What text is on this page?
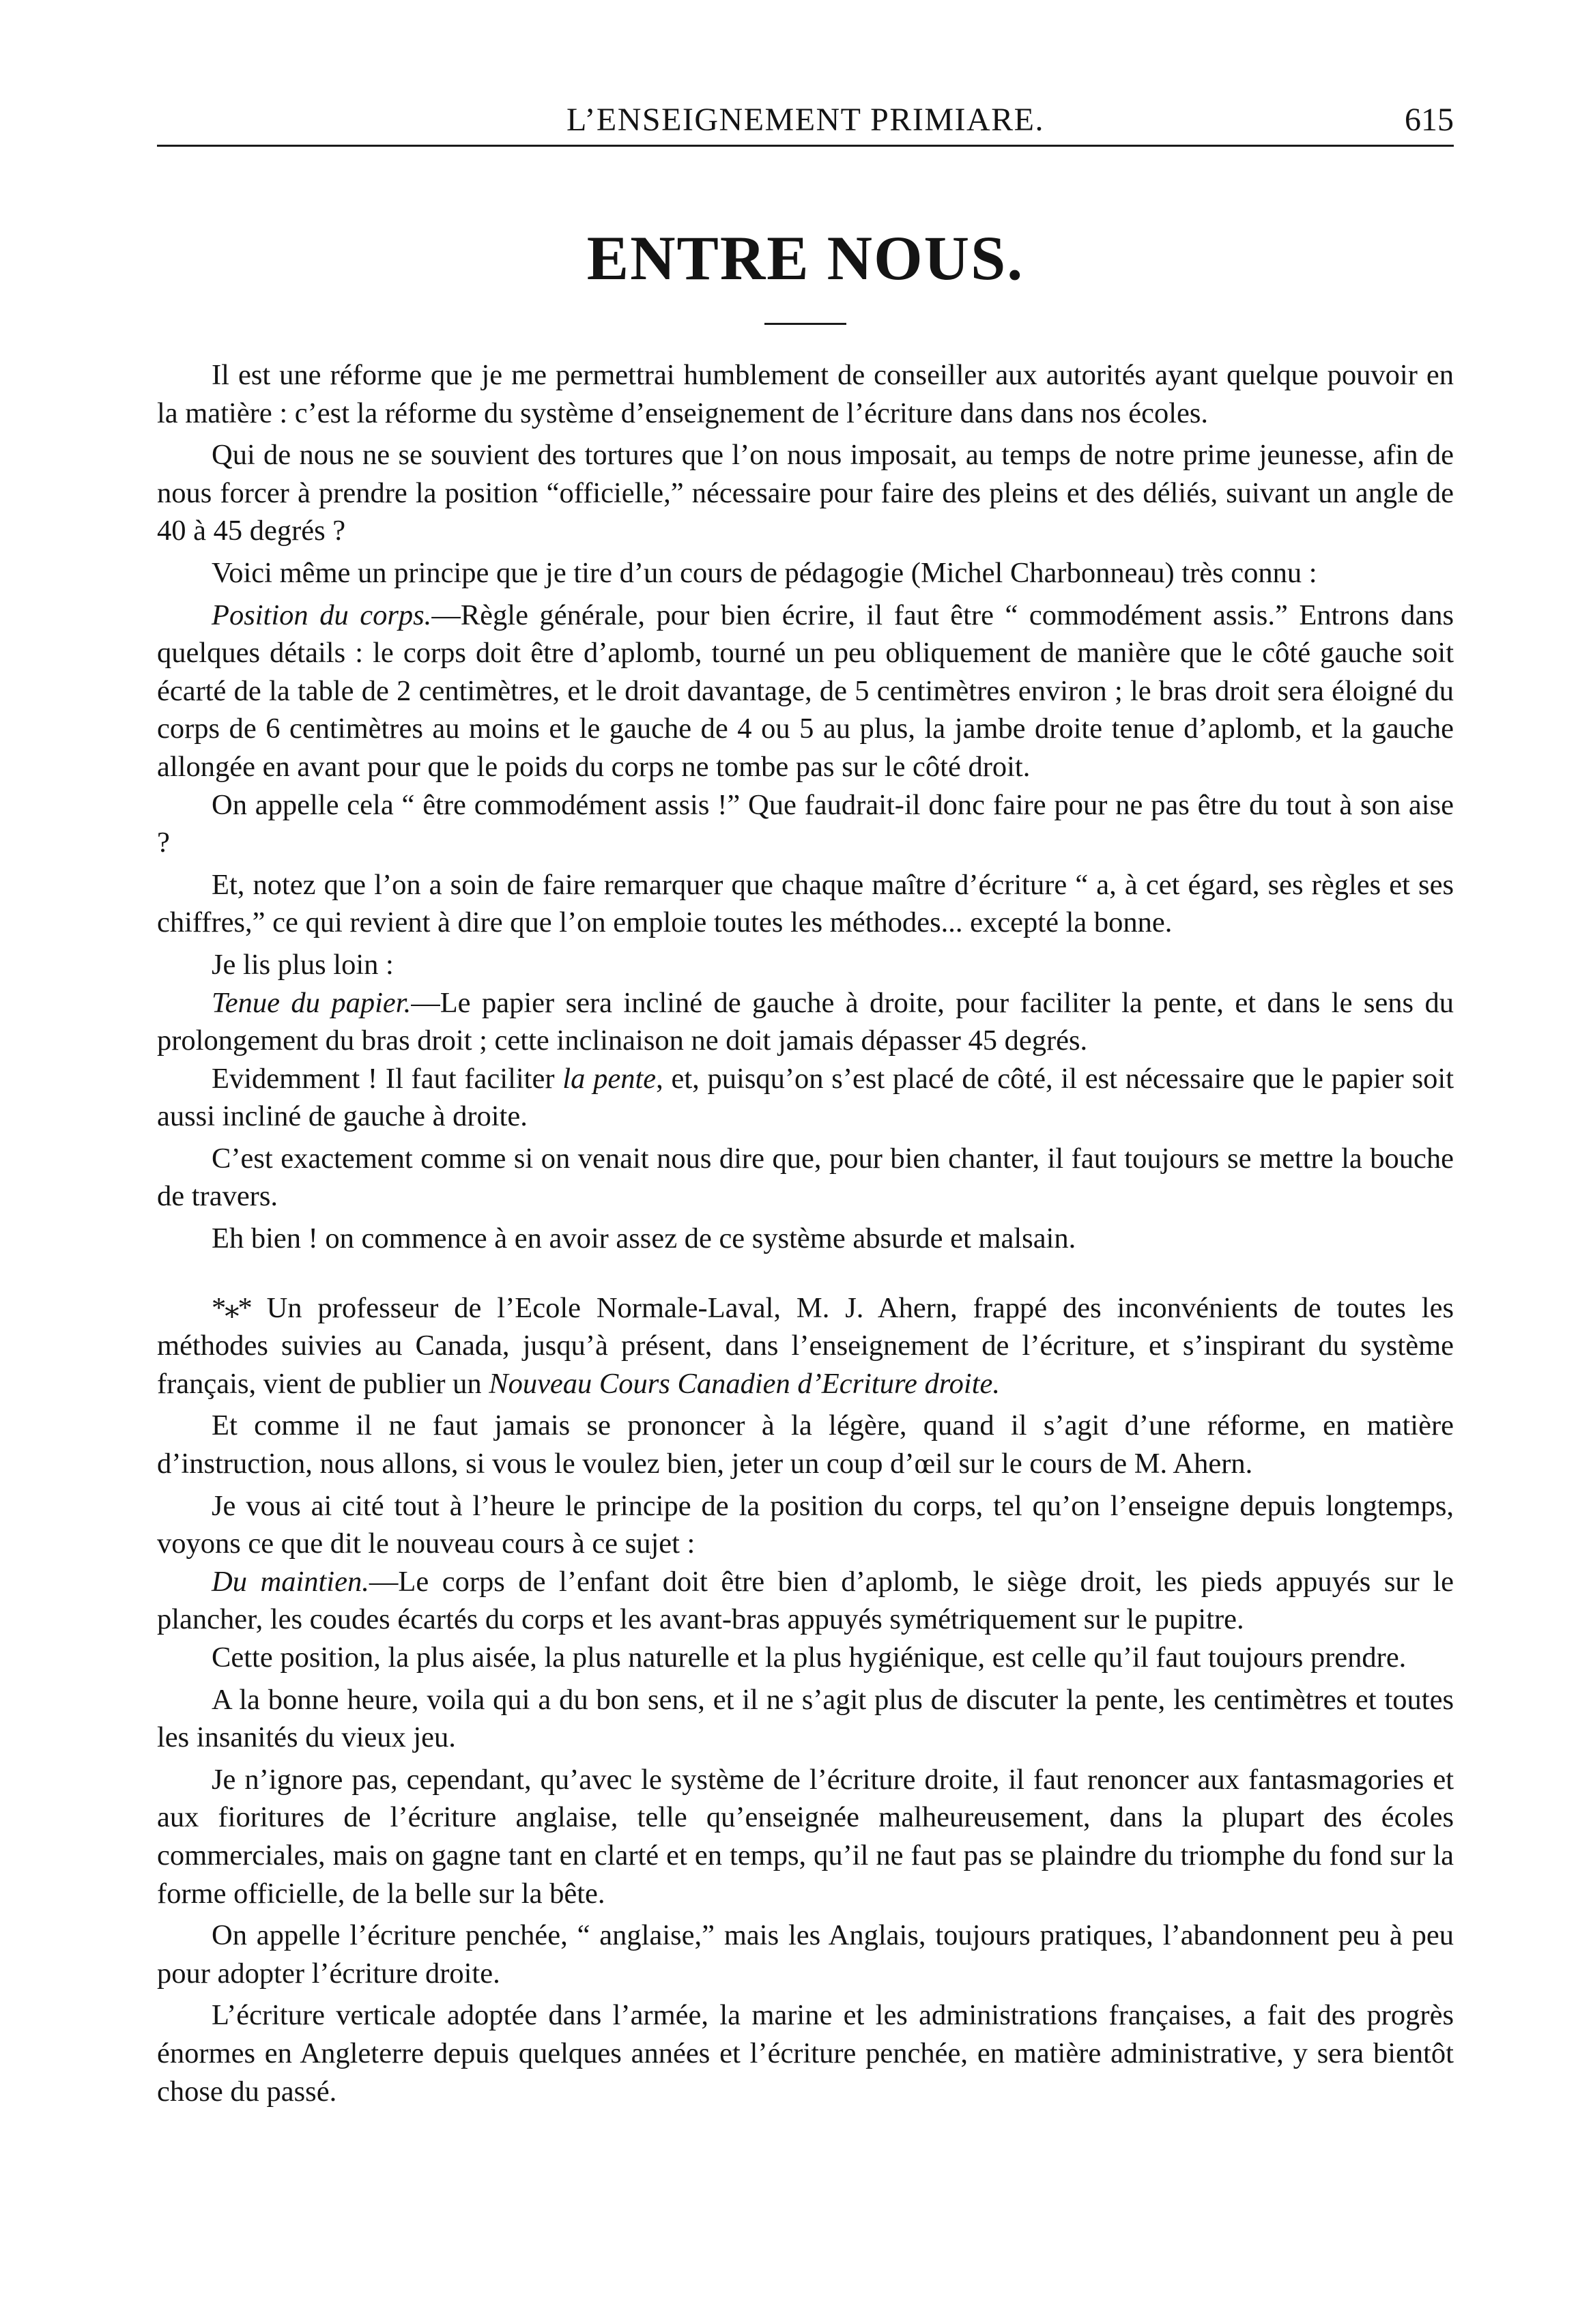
L’ENSEIGNEMENT PRIMIARE.	615
ENTRE NOUS.

Il est une réforme que je me permettrai humblement de conseiller aux autorités ayant quelque pouvoir en la matière : c’est la réforme du système d’enseignement de l’écriture dans dans nos écoles.

Qui de nous ne se souvient des tortures que l’on nous imposait, au temps de notre prime jeunesse, afin de nous forcer à prendre la position “officielle,” nécessaire pour faire des pleins et des déliés, suivant un angle de 40 à 45 degrés ?

Voici même un principe que je tire d’un cours de pédagogie (Michel Charbonneau) très connu :

Position du corps.—Règle générale, pour bien écrire, il faut être “ commodément assis.” Entrons dans quelques détails : le corps doit être d’aplomb, tourné un peu obliquement de manière que le côté gauche soit écarté de la table de 2 centimètres, et le droit davantage, de 5 centimètres environ ; le bras droit sera éloigné du corps de 6 centimètres au moins et le gauche de 4 ou 5 au plus, la jambe droite tenue d’aplomb, et la gauche allongée en avant pour que le poids du corps ne tombe pas sur le côté droit.

On appelle cela “ être commodément assis !” Que faudrait-il donc faire pour ne pas être du tout à son aise ?

Et, notez que l’on a soin de faire remarquer que chaque maître d’écriture “ a, à cet égard, ses règles et ses chiffres,” ce qui revient à dire que l’on emploie toutes les méthodes... excepté la bonne.

Je lis plus loin :

Tenue du papier.—Le papier sera incliné de gauche à droite, pour faciliter la pente, et dans le sens du prolongement du bras droit ; cette inclinaison ne doit jamais dépasser 45 degrés.

Evidemment ! Il faut faciliter la pente, et, puisqu’on s’est placé de côté, il est nécessaire que le papier soit aussi incliné de gauche à droite.

C’est exactement comme si on venait nous dire que, pour bien chanter, il faut toujours se mettre la bouche de travers.

Eh bien ! on commence à en avoir assez de ce système absurde et malsain.

*⁎* Un professeur de l’Ecole Normale-Laval, M. J. Ahern, frappé des inconvénients de toutes les méthodes suivies au Canada, jusqu’à présent, dans l’enseignement de l’écriture, et s’inspirant du système français, vient de publier un Nouveau Cours Canadien d’Ecriture droite.

Et comme il ne faut jamais se prononcer à la légère, quand il s’agit d’une réforme, en matière d’instruction, nous allons, si vous le voulez bien, jeter un coup d’œil sur le cours de M. Ahern.

Je vous ai cité tout à l’heure le principe de la position du corps, tel qu’on l’enseigne depuis longtemps, voyons ce que dit le nouveau cours à ce sujet :

Du maintien.—Le corps de l’enfant doit être bien d’aplomb, le siège droit, les pieds appuyés sur le plancher, les coudes écartés du corps et les avant-bras appuyés symétriquement sur le pupitre.

Cette position, la plus aisée, la plus naturelle et la plus hygiénique, est celle qu’il faut toujours prendre.

A la bonne heure, voila qui a du bon sens, et il ne s’agit plus de discuter la pente, les centimètres et toutes les insanités du vieux jeu.

Je n’ignore pas, cependant, qu’avec le système de l’écriture droite, il faut renoncer aux fantasmagories et aux fioritures de l’écriture anglaise, telle qu’enseignée malheureusement, dans la plupart des écoles commerciales, mais on gagne tant en clarté et en temps, qu’il ne faut pas se plaindre du triomphe du fond sur la forme officielle, de la belle sur la bête.

On appelle l’écriture penchée, “ anglaise,” mais les Anglais, toujours pratiques, l’abandonnent peu à peu pour adopter l’écriture droite.

L’écriture verticale adoptée dans l’armée, la marine et les administrations françaises, a fait des progrès énormes en Angleterre depuis quelques années et l’écriture penchée, en matière administrative, y sera bientôt chose du passé.
